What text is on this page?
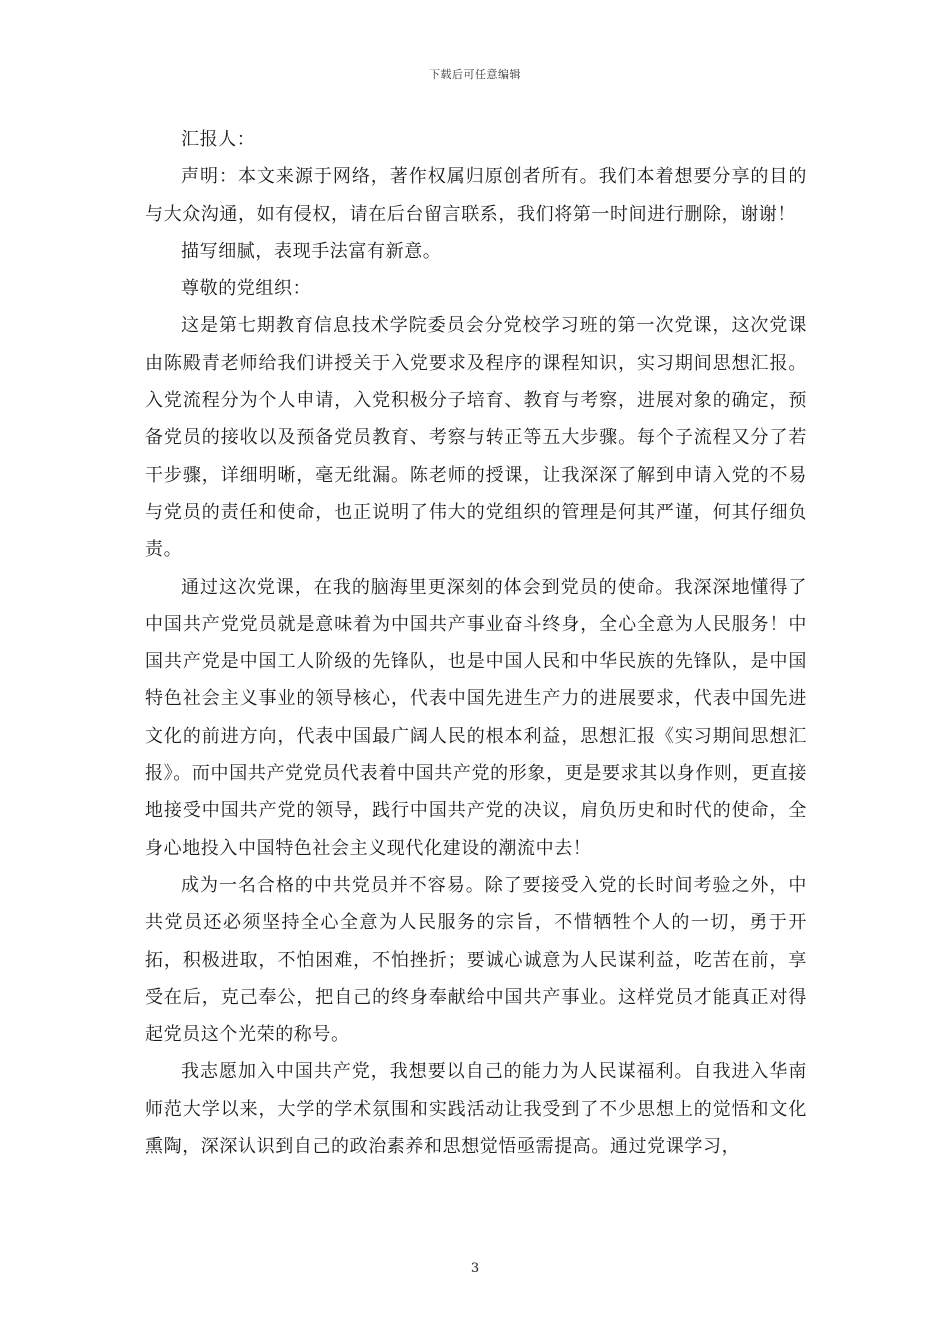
下载后可任意编辑

汇报人：

声明：本文来源于网络，著作权属归原创者所有。我们本着想要分享的目的与大众沟通，如有侵权，请在后台留言联系，我们将第一时间进行删除，谢谢！

描写细腻，表现手法富有新意。

尊敬的党组织：

这是第七期教育信息技术学院委员会分党校学习班的第一次党课，这次党课由陈殿青老师给我们讲授关于入党要求及程序的课程知识，实习期间思想汇报。入党流程分为个人申请，入党积极分子培育、教育与考察，进展对象的确定，预备党员的接收以及预备党员教育、考察与转正等五大步骤。每个子流程又分了若干步骤，详细明晰，毫无纰漏。陈老师的授课，让我深深了解到申请入党的不易与党员的责任和使命，也正说明了伟大的党组织的管理是何其严谨，何其仔细负责。

通过这次党课，在我的脑海里更深刻的体会到党员的使命。我深深地懂得了中国共产党党员就是意味着为中国共产事业奋斗终身，全心全意为人民服务！中国共产党是中国工人阶级的先锋队，也是中国人民和中华民族的先锋队，是中国特色社会主义事业的领导核心，代表中国先进生产力的进展要求，代表中国先进文化的前进方向，代表中国最广阔人民的根本利益，思想汇报《实习期间思想汇报》。而中国共产党党员代表着中国共产党的形象，更是要求其以身作则，更直接地接受中国共产党的领导，践行中国共产党的决议，肩负历史和时代的使命，全身心地投入中国特色社会主义现代化建设的潮流中去！

成为一名合格的中共党员并不容易。除了要接受入党的长时间考验之外，中共党员还必须坚持全心全意为人民服务的宗旨，不惜牺牲个人的一切，勇于开拓，积极进取，不怕困难，不怕挫折；要诚心诚意为人民谋利益，吃苦在前，享受在后，克己奉公，把自己的终身奉献给中国共产事业。这样党员才能真正对得起党员这个光荣的称号。

我志愿加入中国共产党，我想要以自己的能力为人民谋福利。自我进入华南师范大学以来，大学的学术氛围和实践活动让我受到了不少思想上的觉悟和文化熏陶，深深认识到自己的政治素养和思想觉悟亟需提高。通过党课学习，

3
